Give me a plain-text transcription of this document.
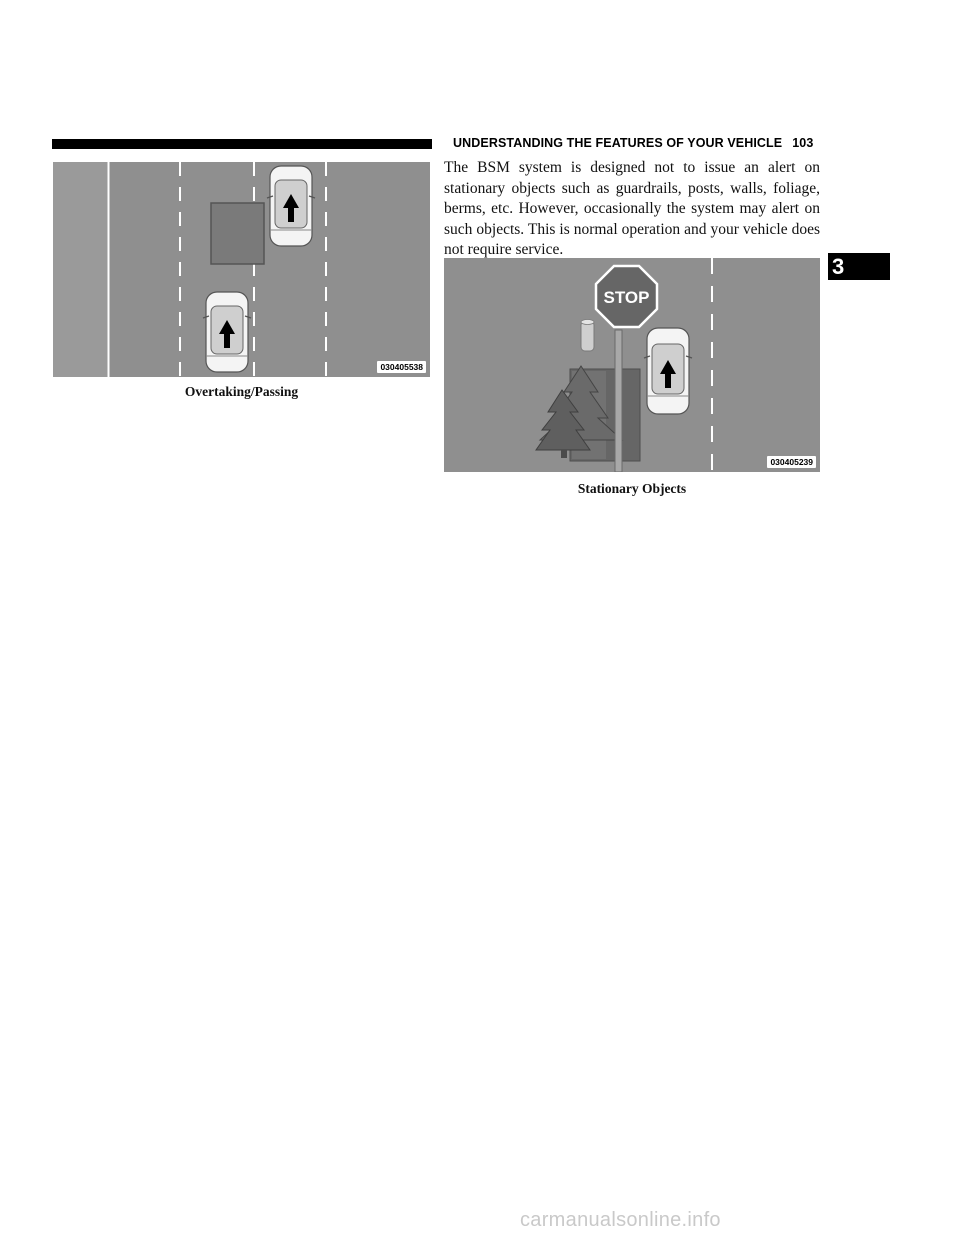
UNDERSTANDING THE FEATURES OF YOUR VEHICLE 103
030405538
Overtaking/Passing

The BSM system is designed not to issue an alert on stationary objects such as guardrails, posts, walls, foliage, berms, etc. However, occasionally the system may alert on such objects. This is normal operation and your vehicle does not require service.

STOP
030405239
Stationary Objects
3
carmanualsonline.info
